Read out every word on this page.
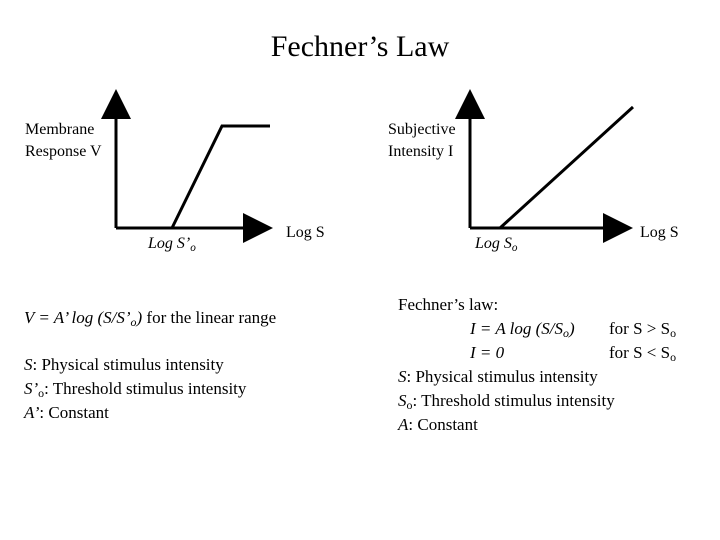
Fechner’s Law
Membrane
Response V
Log $S’_o$
Log S
Subjective
Intensity I
Log $S_o$
Log S
V = A’ $\log (S/S’_o)$ for the linear range
S: Physical stimulus intensity
$S’_o$: Threshold stimulus intensity
A’: Constant
Fechner’s law:
I = A $\log (S/S_o)$ for $S > S_o$
I = 0	for $S < S_o$
S: Physical stimulus intensity
$S_o$: Threshold stimulus intensity
A: Constant
